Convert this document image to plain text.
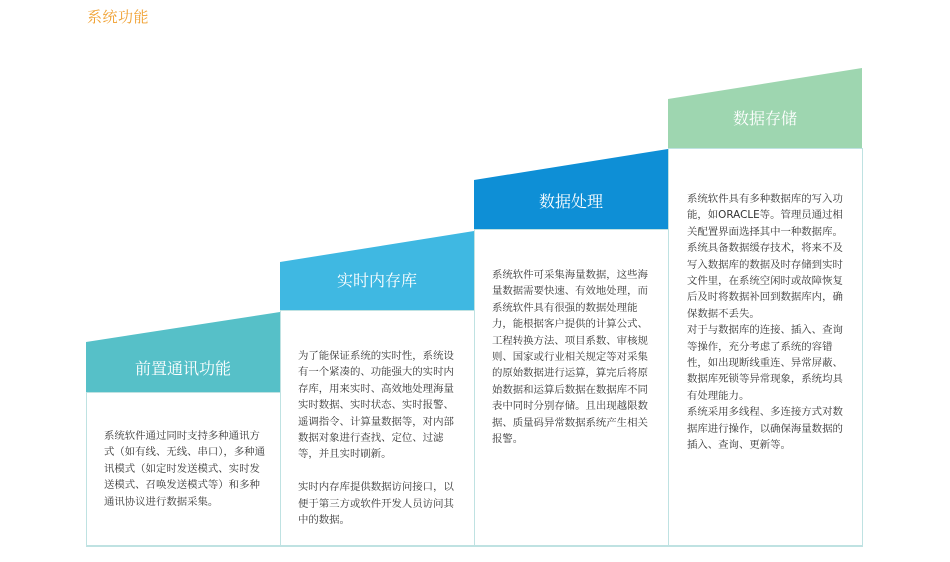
系统功能
前置通讯功能
实时内存库
数据处理
数据存储
系统软件通过同时支持多种通讯方式（如有线、无线、串口），多种通讯模式（如定时发送模式、实时发送模式、召唤发送模式等）和多种通讯协议进行数据采集。
为了能保证系统的实时性，系统设有一个紧凑的、功能强大的实时内存库，用来实时、高效地处理海量实时数据、实时状态、实时报警、遥调指令、计算量数据等，对内部数据对象进行查找、定位、过滤等，并且实时刷新。

实时内存库提供数据访问接口，以便于第三方或软件开发人员访问其中的数据。
系统软件可采集海量数据，这些海量数据需要快速、有效地处理，而系统软件具有很强的数据处理能力，能根据客户提供的计算公式、工程转换方法、项目系数、审核规则、国家或行业相关规定等对采集的原始数据进行运算，算完后将原始数据和运算后数据在数据库不同表中同时分别存储。且出现越限数据、质量码异常数据系统产生相关报警。
系统软件具有多种数据库的写入功能，如ORACLE等。管理员通过相关配置界面选择其中一种数据库。
系统具备数据缓存技术，将来不及写入数据库的数据及时存储到实时文件里，在系统空闲时或故障恢复后及时将数据补回到数据库内，确保数据不丢失。
对于与数据库的连接、插入、查询等操作，充分考虑了系统的容错性，如出现断线重连、异常屏蔽、数据库死锁等异常现象，系统均具有处理能力。
系统采用多线程、多连接方式对数据库进行操作，以确保海量数据的插入、查询、更新等。
